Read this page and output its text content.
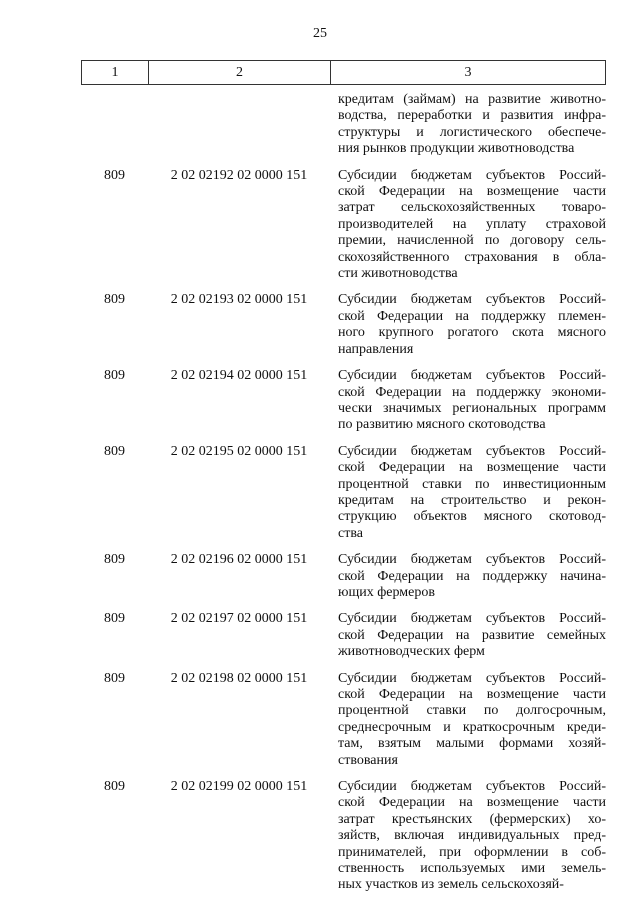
25
1	2	3
кредитам (займам) на развитие животно-
водства, переработки и развития инфра-
структуры и логистического обеспече-
ния рынков продукции животноводства
809	2 02 02192 02 0000 151	Субсидии бюджетам субъектов Россий-
ской Федерации на возмещение части
затрат сельскохозяйственных товаро-
производителей на уплату страховой
премии, начисленной по договору сель-
скохозяйственного страхования в обла-
сти животноводства
809	2 02 02193 02 0000 151	Субсидии бюджетам субъектов Россий-
ской Федерации на поддержку племен-
ного крупного рогатого скота мясного
направления
809	2 02 02194 02 0000 151	Субсидии бюджетам субъектов Россий-
ской Федерации на поддержку экономи-
чески значимых региональных программ
по развитию мясного скотоводства
809	2 02 02195 02 0000 151	Субсидии бюджетам субъектов Россий-
ской Федерации на возмещение части
процентной ставки по инвестиционным
кредитам на строительство и рекон-
струкцию объектов мясного скотовод-
ства
809	2 02 02196 02 0000 151	Субсидии бюджетам субъектов Россий-
ской Федерации на поддержку начина-
ющих фермеров
809	2 02 02197 02 0000 151	Субсидии бюджетам субъектов Россий-
ской Федерации на развитие семейных
животноводческих ферм
809	2 02 02198 02 0000 151	Субсидии бюджетам субъектов Россий-
ской Федерации на возмещение части
процентной ставки по долгосрочным,
среднесрочным и краткосрочным креди-
там, взятым малыми формами хозяй-
ствования
809	2 02 02199 02 0000 151	Субсидии бюджетам субъектов Россий-
ской Федерации на возмещение части
затрат крестьянских (фермерских) хо-
зяйств, включая индивидуальных пред-
принимателей, при оформлении в соб-
ственность используемых ими земель-
ных участков из земель сельскохозяй-
